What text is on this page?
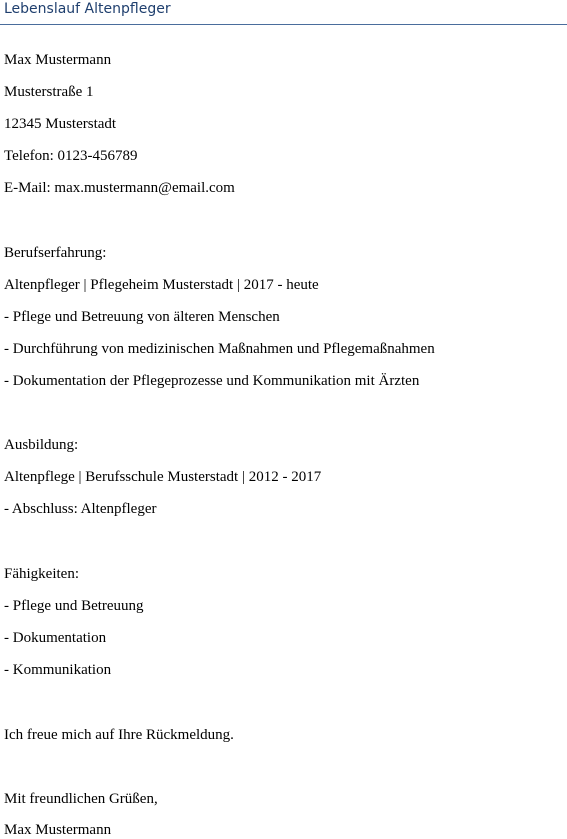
Lebenslauf Altenpfleger
Max Mustermann
Musterstraße 1
12345 Musterstadt
Telefon: 0123-456789
E-Mail: max.mustermann@email.com
Berufserfahrung:
Altenpfleger | Pflegeheim Musterstadt | 2017 - heute
- Pflege und Betreuung von älteren Menschen
- Durchführung von medizinischen Maßnahmen und Pflegemaßnahmen
- Dokumentation der Pflegeprozesse und Kommunikation mit Ärzten
Ausbildung:
Altenpflege | Berufsschule Musterstadt | 2012 - 2017
- Abschluss: Altenpfleger
Fähigkeiten:
- Pflege und Betreuung
- Dokumentation
- Kommunikation
Ich freue mich auf Ihre Rückmeldung.
Mit freundlichen Grüßen,
Max Mustermann
